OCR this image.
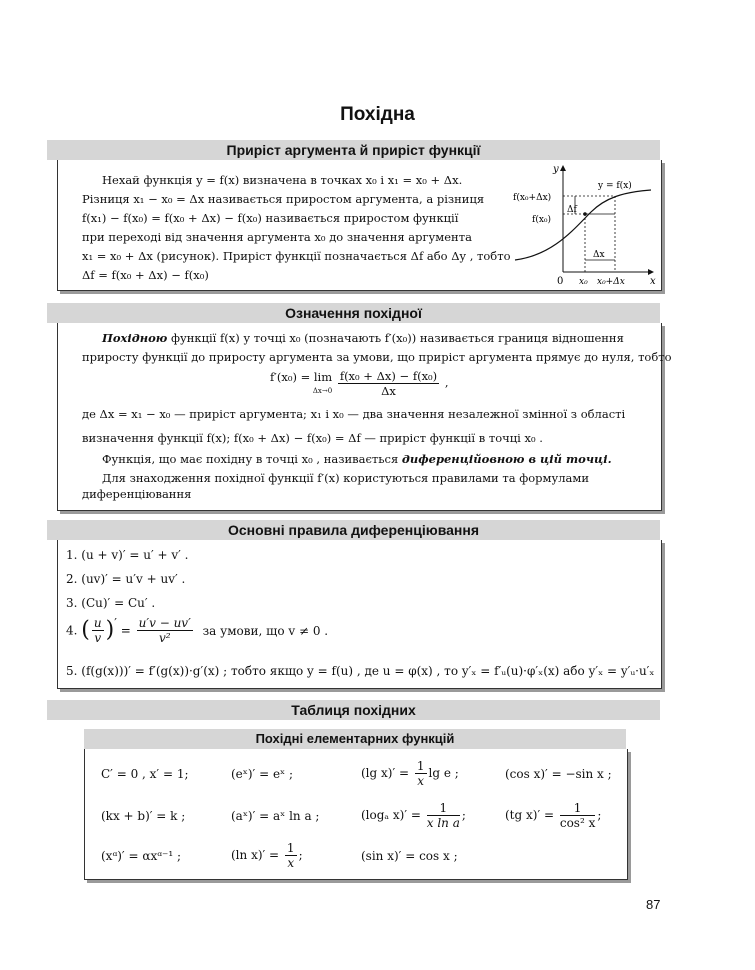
Похідна
Приріст аргумента й приріст функції
Нехай функція y = f(x) визначена в точках x₀ і x₁ = x₀ + Δx.
Різниця x₁ − x₀ = Δx називається приростом аргумента, а різниця
f(x₁) − f(x₀) = f(x₀ + Δx) − f(x₀) називається приростом функції
при переході від значення аргумента x₀ до значення аргумента
x₁ = x₀ + Δx (рисунок). Приріст функції позначається Δf або Δy , тобто
Δf = f(x₀ + Δx) − f(x₀)
y
x
0
y = f(x)
f(x₀+Δx)
f(x₀)
Δf
Δx
x₀ x₀+Δx
Означення похідної
Похідною функції f(x) у точці x₀ (позначають f′(x₀)) називається границя відношення
приросту функції до приросту аргумента за умови, що приріст аргумента прямує до нуля, тобто
f′(x₀) = lim

Δx→0
$\frac{\text{f(x₀ + Δx) − f(x₀)}}{\Delta x}$ ,
де Δx = x₁ − x₀ — приріст аргумента; x₁ і x₀ — два значення незалежної змінної з області
визначення функції f(x); f(x₀ + Δx) − f(x₀) = Δf — приріст функції в точці x₀ .
Функція, що має похідну в точці x₀ , називається диференційовною в цій точці.
Для знаходження похідної функції f′(x) користуються правилами та формулами
диференціювання
Основні правила диференціювання
1. (u + v)′ = u′ + v′ .
2. (uv)′ = u′v + uv′ .
3. (Cu)′ = Cu′ .
4. ( $\frac{u}{v}$ )′ = $\frac{u'v - uv'}{\text{v²}}$ за умови, що v ≠ 0 .
5. (f(g(x)))′ = f′(g(x))·g′(x) ; тобто якщо y = f(u) , де u = φ(x) , то y′ₓ = f′ᵤ(u)·φ′ₓ(x) або y′ₓ = y′ᵤ·u′ₓ
Таблиця похідних
Похідні елементарних функцій
C′ = 0 , x′ = 1;	(eˣ)′ = eˣ ;	(lg $x)' = \frac{1}{x}$ lg e ;	(cos x)′ = −sin x ;
(kx + b)′ = k ;	(aˣ)′ = aˣ ln a ;	(logₐ $x)' = \frac{1}{\text{x ln a}}$ ;	(tg $x)' = \frac{1}{\text{cos² x}}$ ;
(xᵅ)′ = αxᵅ⁻¹ ;	(ln $x)' = \frac{1}{x}$ ;	(sin x)′ = cos x ;
87
